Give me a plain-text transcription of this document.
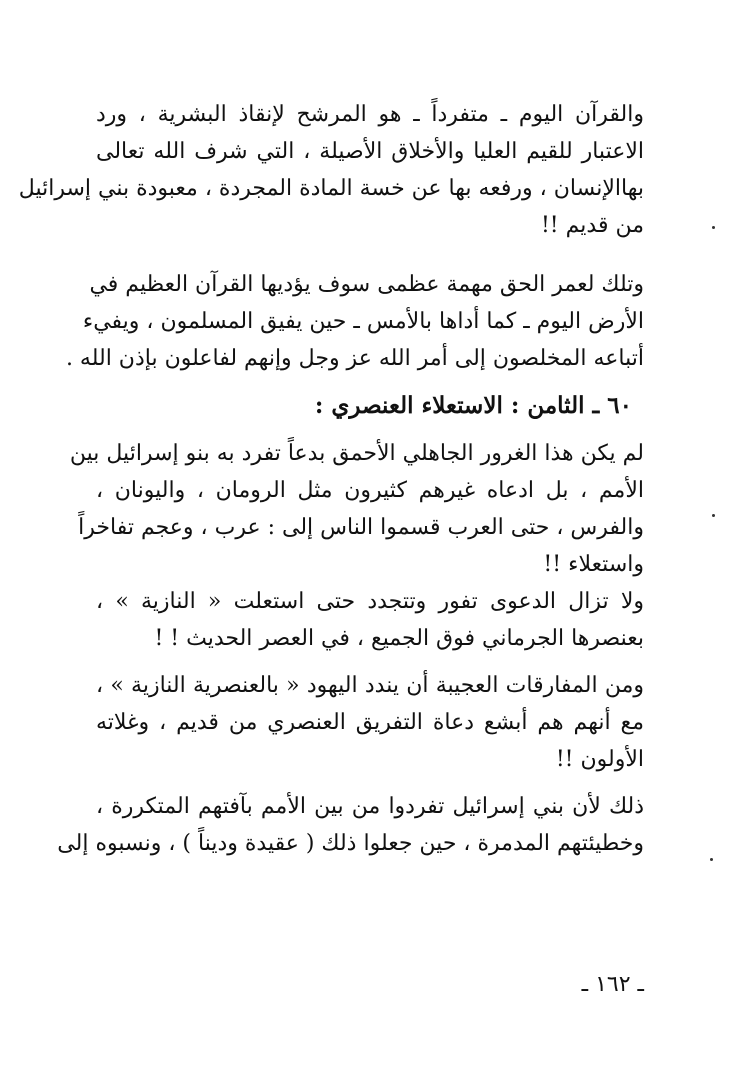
والقرآن اليوم ـ متفرداً ـ هو المرشح لإنقاذ البشرية ، ورد
الاعتبار للقيم العليا والأخلاق الأصيلة ، التي شرف الله تعالى
بهاالإنسان ، ورفعه بها عن خسة المادة المجردة ، معبودة بني إسرائيل
من قديم !!
وتلك لعمر الحق مهمة عظمى سوف يؤديها القرآن العظيم في
الأرض اليوم ـ كما أداها بالأمس ـ حين يفيق المسلمون ، ويفيء
أتباعه المخلصون إلى أمر الله عز وجل وإنهم لفاعلون بإذن الله .
٦٠ ـ الثامن : الاستعلاء العنصري :
لم يكن هذا الغرور الجاهلي الأحمق بدعاً تفرد به بنو إسرائيل بين
الأمم ، بل ادعاه غيرهم كثيرون مثل الرومان ، واليونان ،
والفرس ، حتى العرب قسموا الناس إلى : عرب ، وعجم تفاخراً
واستعلاء !!
ولا تزال الدعوى تفور وتتجدد حتى استعلت « النازية » ،
بعنصرها الجرماني فوق الجميع ، في العصر الحديث ! !
ومن المفارقات العجيبة أن يندد اليهود « بالعنصرية النازية » ،
مع أنهم هم أبشع دعاة التفريق العنصري من قديم ، وغلاته
الأولون !!
ذلك لأن بني إسرائيل تفردوا من بين الأمم بآفتهم المتكررة ،
وخطيئتهم المدمرة ، حين جعلوا ذلك ( عقيدة وديناً ) ، ونسبوه إلى
ـ ١٦٢ ـ
